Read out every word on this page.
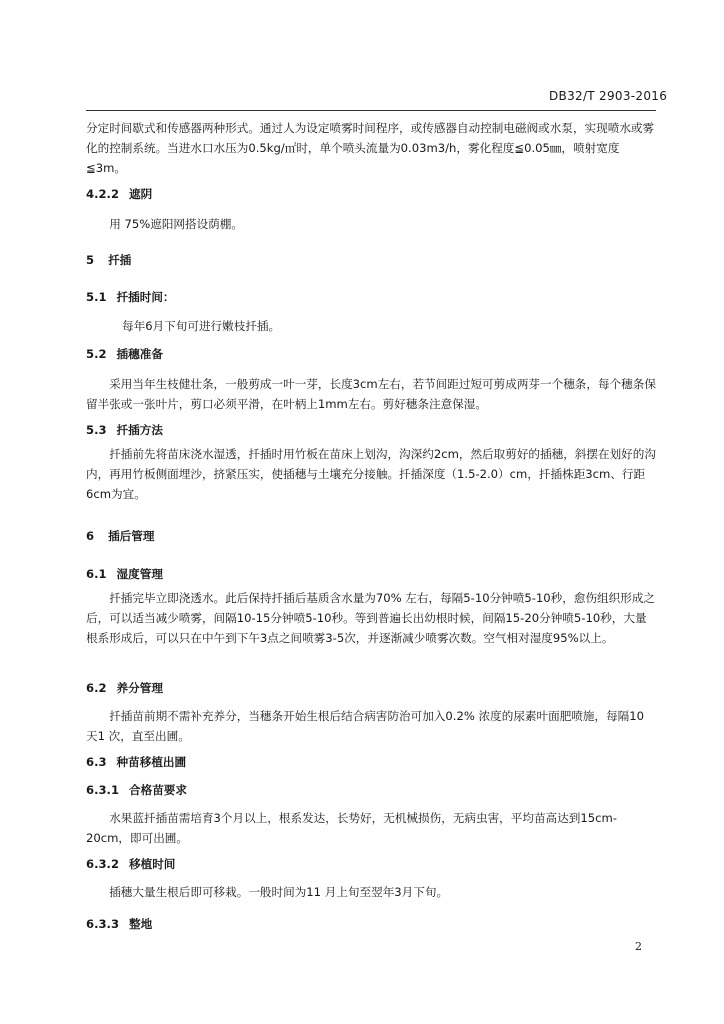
DB32/T 2903-2016
分定时间歇式和传感器两种形式。通过人为设定喷雾时间程序，或传感器自动控制电磁阀或水泵，实现喷水或雾化的控制系统。当进水口水压为0.5kg/㎡时，单个喷头流量为0.03m3/h，雾化程度≦0.05㎜，喷射宽度≦3m。
4.2.2 遮阴
用 75%遮阳网搭设荫棚。
5 扦插
5.1 扦插时间：
每年6月下旬可进行嫩枝扦插。
5.2 插穗准备
采用当年生枝健壮条，一般剪成一叶一芽，长度3cm左右，若节间距过短可剪成两芽一个穗条，每个穗条保留半张或一张叶片，剪口必须平滑，在叶柄上1mm左右。剪好穗条注意保湿。
5.3 扦插方法
扦插前先将苗床浇水湿透，扦插时用竹板在苗床上划沟，沟深约2cm，然后取剪好的插穗，斜摆在划好的沟内，再用竹板侧面埋沙，挤紧压实，使插穗与土壤充分接触。扦插深度（1.5-2.0）cm，扦插株距3cm、行距6cm为宜。
6 插后管理
6.1 湿度管理
扦插完毕立即浇透水。此后保持扦插后基质含水量为70% 左右，每隔5-10分钟喷5-10秒，愈伤组织形成之后，可以适当减少喷雾，间隔10-15分钟喷5-10秒。等到普遍长出幼根时候，间隔15-20分钟喷5-10秒，大量根系形成后，可以只在中午到下午3点之间喷雾3-5次，并逐渐减少喷雾次数。空气相对湿度95%以上。
6.2 养分管理
扦插苗前期不需补充养分，当穗条开始生根后结合病害防治可加入0.2% 浓度的尿素叶面肥喷施，每隔10 天1 次，直至出圃。
6.3 种苗移植出圃
6.3.1 合格苗要求
水果蓝扦插苗需培育3个月以上，根系发达，长势好，无机械损伤，无病虫害，平均苗高达到15cm-20cm，即可出圃。
6.3.2 移植时间
插穗大量生根后即可移栽。一般时间为11 月上旬至翌年3月下旬。
6.3.3 整地
2
